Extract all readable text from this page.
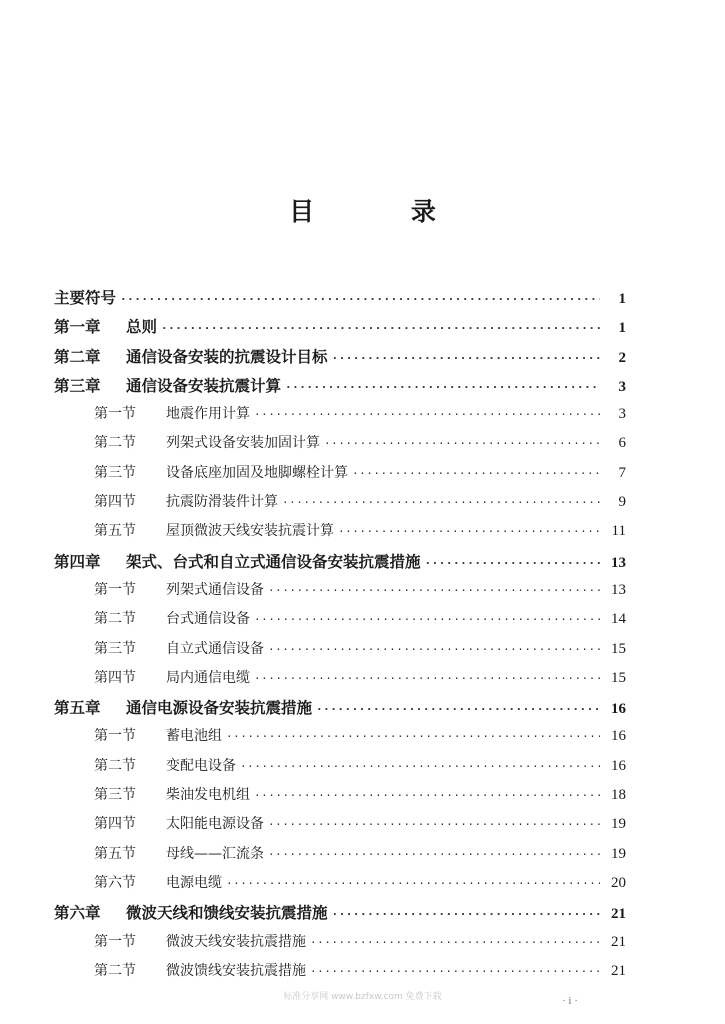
目 录
主要符号 ·····	1
第一章 总则 ·····	1
第二章 通信设备安装的抗震设计目标 ·····	2
第三章 通信设备安装抗震计算 ·····	3
第一节 地震作用计算 ·····	3
第二节 列架式设备安装加固计算 ·····	6
第三节 设备底座加固及地脚螺栓计算 ·····	7
第四节 抗震防滑装件计算 ·····	9
第五节 屋顶微波天线安装抗震计算 ·····	11
第四章 架式、台式和自立式通信设备安装抗震措施 ·····	13
第一节 列架式通信设备 ·····	13
第二节 台式通信设备 ·····	14
第三节 自立式通信设备 ·····	15
第四节 局内通信电缆 ·····	15
第五章 通信电源设备安装抗震措施 ·····	16
第一节 蓄电池组 ·····	16
第二节 变配电设备 ·····	16
第三节 柴油发电机组 ·····	18
第四节 太阳能电源设备 ·····	19
第五节 母线——汇流条 ·····	19
第六节 电源电缆 ·····	20
第六章 微波天线和馈线安装抗震措施 ·····	21
第一节 微波天线安装抗震措施 ·····	21
第二节 微波馈线安装抗震措施 ·····	21
标准分享网 www.bzfxw.com 免费下载	· i ·
